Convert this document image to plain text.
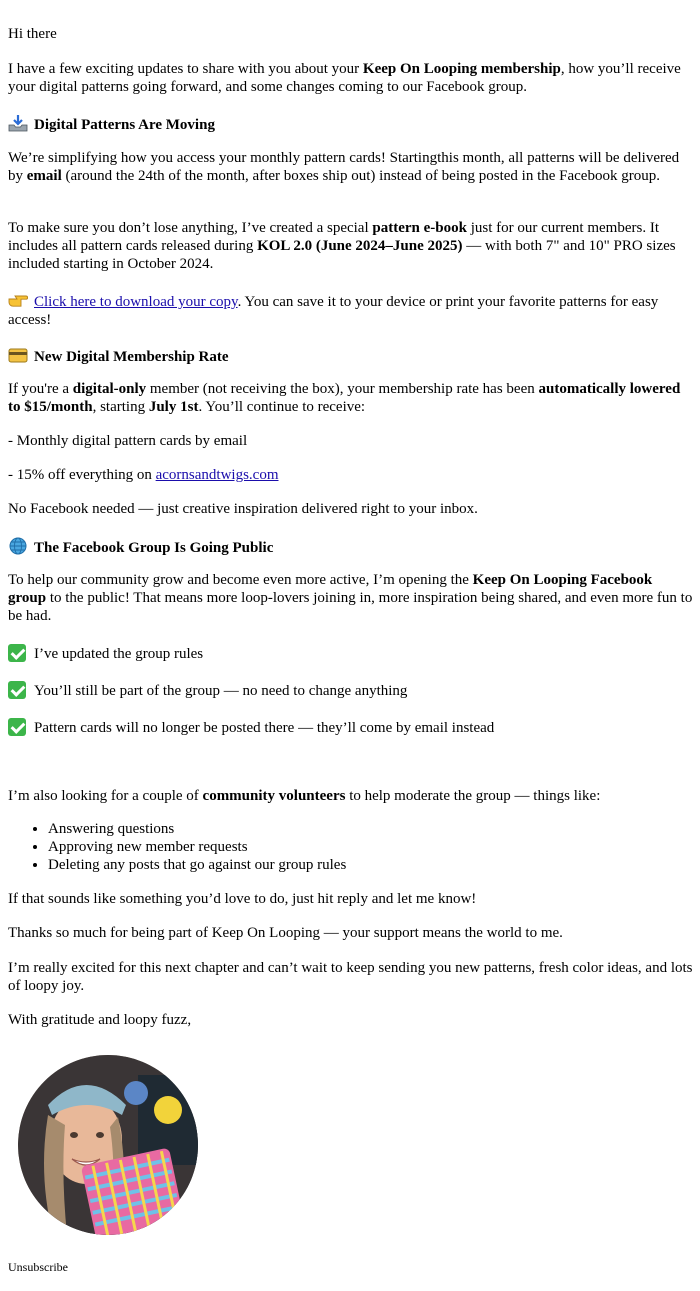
Hi there

I have a few exciting updates to share with you about your Keep On Looping membership, how you’ll receive your digital patterns going forward, and some changes coming to our Facebook group.

Digital Patterns Are Moving

We’re simplifying how you access your monthly pattern cards! Startingthis month, all patterns will be delivered by email (around the 24th of the month, after boxes ship out) instead of being posted in the Facebook group.

To make sure you don’t lose anything, I’ve created a special pattern e-book just for our current members. It includes all pattern cards released during KOL 2.0 (June 2024–June 2025) — with both 7" and 10" PRO sizes included starting in October 2024.

Click here to download your copy. You can save it to your device or print your favorite patterns for easy access!

New Digital Membership Rate

If you're a digital-only member (not receiving the box), your membership rate has been automatically lowered to $15/month, starting July 1st. You’ll continue to receive:

- Monthly digital pattern cards by email

- 15% off everything on acornsandtwigs.com

No Facebook needed — just creative inspiration delivered right to your inbox.

The Facebook Group Is Going Public

To help our community grow and become even more active, I’m opening the Keep On Looping Facebook group to the public! That means more loop-lovers joining in, more inspiration being shared, and even more fun to be had.

I’ve updated the group rules

You’ll still be part of the group — no need to change anything

Pattern cards will no longer be posted there — they’ll come by email instead

I’m also looking for a couple of community volunteers to help moderate the group — things like:

• Answering questions
• Approving new member requests
• Deleting any posts that go against our group rules

If that sounds like something you’d love to do, just hit reply and let me know!

Thanks so much for being part of Keep On Looping — your support means the world to me.

I’m really excited for this next chapter and can’t wait to keep sending you new patterns, fresh color ideas, and lots of loopy joy.

With gratitude and loopy fuzz,

Unsubscribe
